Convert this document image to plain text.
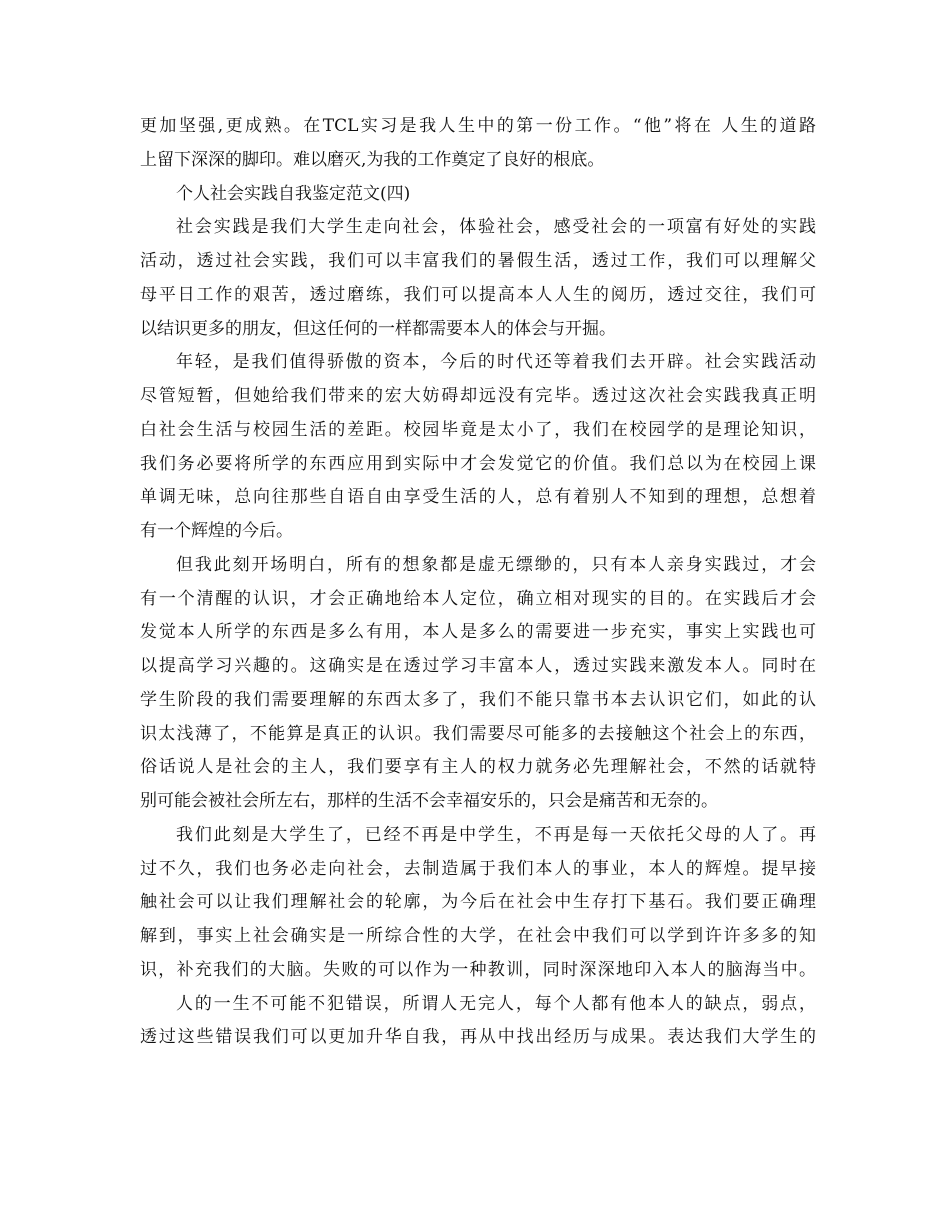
更加坚强,更成熟。在TCL实习是我人生中的第一份工作。“他”将在 人生的道路
上留下深深的脚印。难以磨灭,为我的工作奠定了良好的根底。
个人社会实践自我鉴定范文(四)
社会实践是我们大学生走向社会，体验社会，感受社会的一项富有好处的实践
活动，透过社会实践，我们可以丰富我们的暑假生活，透过工作，我们可以理解父
母平日工作的艰苦，透过磨练，我们可以提高本人人生的阅历，透过交往，我们可
以结识更多的朋友，但这任何的一样都需要本人的体会与开掘。
年轻，是我们值得骄傲的资本，今后的时代还等着我们去开辟。社会实践活动
尽管短暂，但她给我们带来的宏大妨碍却远没有完毕。透过这次社会实践我真正明
白社会生活与校园生活的差距。校园毕竟是太小了，我们在校园学的是理论知识，
我们务必要将所学的东西应用到实际中才会发觉它的价值。我们总以为在校园上课
单调无味，总向往那些自语自由享受生活的人，总有着别人不知到的理想，总想着
有一个辉煌的今后。
但我此刻开场明白，所有的想象都是虚无缥缈的，只有本人亲身实践过，才会
有一个清醒的认识，才会正确地给本人定位，确立相对现实的目的。在实践后才会
发觉本人所学的东西是多么有用，本人是多么的需要进一步充实，事实上实践也可
以提高学习兴趣的。这确实是在透过学习丰富本人，透过实践来激发本人。同时在
学生阶段的我们需要理解的东西太多了，我们不能只靠书本去认识它们，如此的认
识太浅薄了，不能算是真正的认识。我们需要尽可能多的去接触这个社会上的东西，
俗话说人是社会的主人，我们要享有主人的权力就务必先理解社会，不然的话就特
别可能会被社会所左右，那样的生活不会幸福安乐的，只会是痛苦和无奈的。
我们此刻是大学生了，已经不再是中学生，不再是每一天依托父母的人了。再
过不久，我们也务必走向社会，去制造属于我们本人的事业，本人的辉煌。提早接
触社会可以让我们理解社会的轮廓，为今后在社会中生存打下基石。我们要正确理
解到，事实上社会确实是一所综合性的大学，在社会中我们可以学到许许多多的知
识，补充我们的大脑。失败的可以作为一种教训，同时深深地印入本人的脑海当中。
人的一生不可能不犯错误，所谓人无完人，每个人都有他本人的缺点，弱点，
透过这些错误我们可以更加升华自我，再从中找出经历与成果。表达我们大学生的
